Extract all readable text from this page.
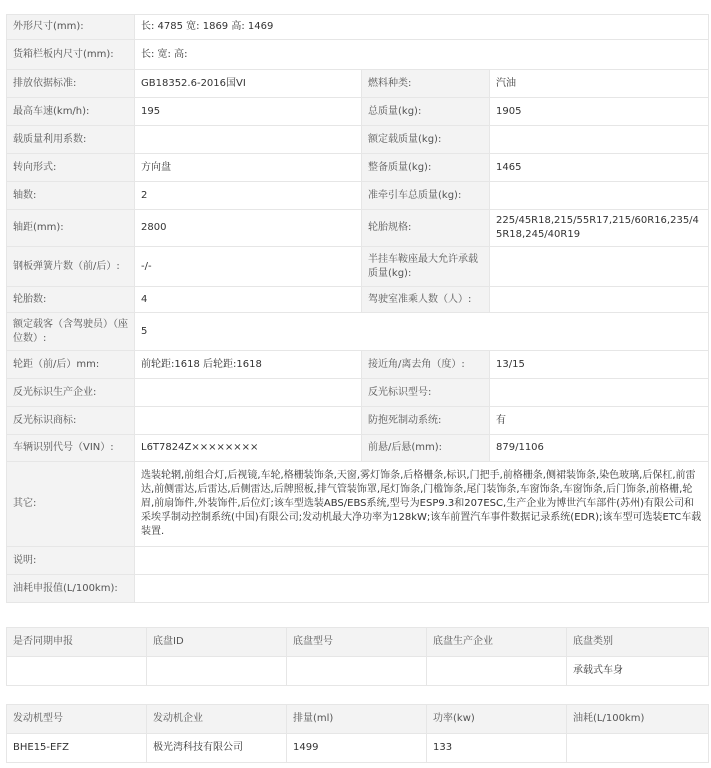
外形尺寸(mm):	长: 4785 宽: 1869 高: 1469		
货箱栏板内尺寸(mm):	长: 宽: 高:		
排放依据标准:	GB18352.6-2016国VI	燃料种类:	汽油
最高车速(km/h):	195	总质量(kg):	1905
载质量利用系数:		额定载质量(kg):	
转向形式:	方向盘	整备质量(kg):	1465
轴数:	2	准牵引车总质量(kg):	
轴距(mm):	2800	轮胎规格:	225/45R18,215/55R17,215/60R16,235/45R18,245/40R19
钢板弹簧片数（前/后）:	-/-	半挂车鞍座最大允许承载质量(kg):	
轮胎数:	4	驾驶室准乘人数（人）:	
额定载客（含驾驶员）（座位数）:	5		
轮距（前/后）mm:	前轮距:1618 后轮距:1618	接近角/离去角（度）:	13/15
反光标识生产企业:		反光标识型号:	
反光标识商标:		防抱死制动系统:	有
车辆识别代号（VIN）:	L6T7824Z××××××××	前悬/后悬(mm):	879/1106
其它:	选装轮辋,前组合灯,后视镜,车轮,格栅装饰条,天窗,雾灯饰条,后格栅条,标识,门把手,前格栅条,侧裙装饰条,染色玻璃,后保杠,前雷达,前侧雷达,后雷达,后侧雷达,后牌照板,排气管装饰罩,尾灯饰条,门槛饰条,尾门装饰条,车窗饰条,车窗饰条,后门饰条,前格栅,轮眉,前扇饰件,外装饰件,后位灯;该车型选装ABS/EBS系统,型号为ESP9.3和207ESC,生产企业为博世汽车部件(苏州)有限公司和采埃孚制动控制系统(中国)有限公司;发动机最大净功率为128kW;该车前置汽车事件数据记录系统(EDR);该车型可选装ETC车载装置.		
说明:			
油耗申报值(L/100km):			
是否同期申报	底盘ID	底盘型号	底盘生产企业	底盘类别
				承载式车身
发动机型号	发动机企业	排量(ml)	功率(kw)	油耗(L/100km)
BHE15-EFZ	极光湾科技有限公司	1499	133	
